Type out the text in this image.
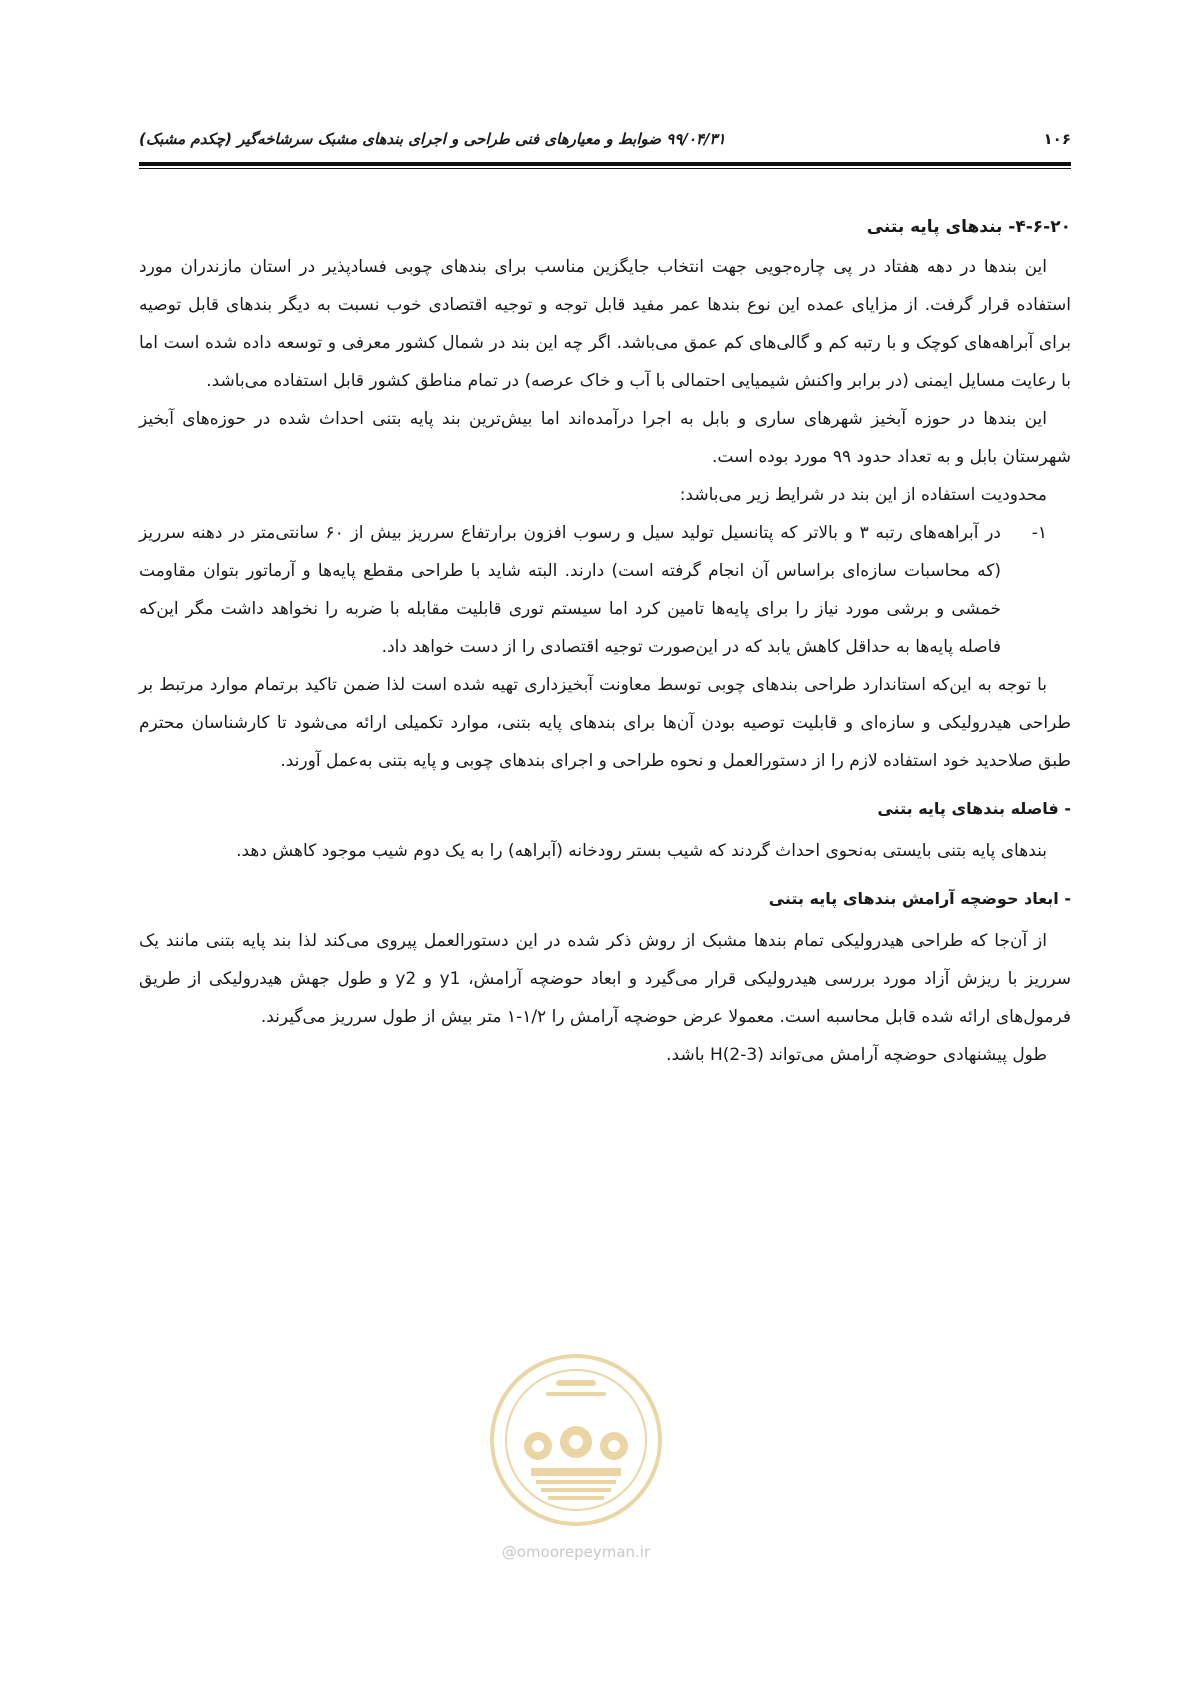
۱۰۶
۹۹/۰۴/۳۱ ضوابط و معیارهای فنی طراحی و اجرای بندهای مشبک سرشاخه‌گیر (چکدم مشبک)
۴-۶-۲۰- بندهای پایه بتنی

این بندها در دهه هفتاد در پی چاره‌جویی جهت انتخاب جایگزین مناسب برای بندهای چوبی فسادپذیر در استان مازندران مورد استفاده قرار گرفت. از مزایای عمده این نوع بندها عمر مفید قابل توجه و توجیه اقتصادی خوب نسبت به دیگر بندهای قابل توصیه برای آبراهه‌های کوچک و با رتبه کم و گالی‌های کم عمق می‌باشد. اگر چه این بند در شمال کشور معرفی و توسعه داده شده است اما با رعایت مسایل ایمنی (در برابر واکنش شیمیایی احتمالی با آب و خاک عرصه) در تمام مناطق کشور قابل استفاده می‌باشد.

این بندها در حوزه آبخیز شهرهای ساری و بابل به اجرا درآمده‌اند اما بیش‌ترین بند پایه بتنی احداث شده در حوزه‌های آبخیز شهرستان بابل و به تعداد حدود ۹۹ مورد بوده است.

محدودیت استفاده از این بند در شرایط زیر می‌باشد:

۱-
در آبراهه‌های رتبه ۳ و بالاتر که پتانسیل تولید سیل و رسوب افزون برارتفاع سرریز بیش از ۶۰ سانتی‌متر در دهنه سرریز (که محاسبات سازه‌ای براساس آن انجام گرفته است) دارند. البته شاید با طراحی مقطع پایه‌ها و آرماتور بتوان مقاومت خمشی و برشی مورد نیاز را برای پایه‌ها تامین کرد اما سیستم توری قابلیت مقابله با ضربه را نخواهد داشت مگر این‌که فاصله پایه‌ها به حداقل کاهش یابد که در این‌صورت توجیه اقتصادی را از دست خواهد داد.

با توجه به این‌که استاندارد طراحی بندهای چوبی توسط معاونت آبخیزداری تهیه شده است لذا ضمن تاکید برتمام موارد مرتبط بر طراحی هیدرولیکی و سازه‌ای و قابلیت توصیه بودن آن‌ها برای بندهای پایه بتنی، موارد تکمیلی ارائه می‌شود تا کارشناسان محترم طبق صلاحدید خود استفاده لازم را از دستورالعمل و نحوه طراحی و اجرای بندهای چوبی و پایه بتنی به‌عمل آورند.

- فاصله بندهای پایه بتنی

بندهای پایه بتنی بایستی به‌نحوی احداث گردند که شیب بستر رودخانه (آبراهه) را به یک دوم شیب موجود کاهش دهد.

- ابعاد حوضچه آرامش بندهای پایه بتنی

از آن‌جا که طراحی هیدرولیکی تمام بندها مشبک از روش ذکر شده در این دستورالعمل پیروی می‌کند لذا بند پایه بتنی مانند یک سرریز با ریزش آزاد مورد بررسی هیدرولیکی قرار می‌گیرد و ابعاد حوضچه آرامش، y1 و y2 و طول جهش هیدرولیکی از طریق فرمول‌های ارائه شده قابل محاسبه است. معمولا عرض حوضچه آرامش را ۱/۲-۱ متر بیش از طول سرریز می‌گیرند.

طول پیشنهادی حوضچه آرامش می‌تواند H(2-3) باشد.

@omoorepeyman.ir
